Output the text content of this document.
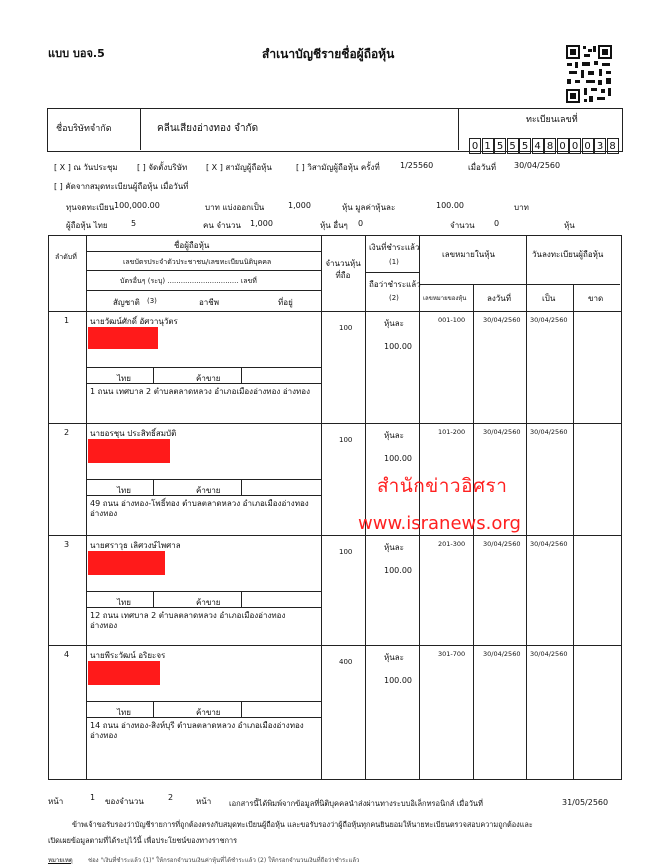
แบบ บอจ.5	สำเนาบัญชีรายชื่อผู้ถือหุ้น
ชื่อบริษัทจำกัด	คลีนเสียงอ่างทอง จำกัด
ทะเบียนเลขที่
0 1 5 5 5 4 8 0 0 0 3 8
[ X ] ณ วันประชุม [ ] จัดตั้งบริษัท [ X ] สามัญผู้ถือหุ้น	[ ] วิสามัญผู้ถือหุ้น ครั้งที่	1/25560	เมื่อวันที่ 30/04/2560
[ ] คัดจากสมุดทะเบียนผู้ถือหุ้น เมื่อวันที่
ทุนจดทะเบียน 100,000.00	บาท แบ่งออกเป็น	1,000	หุ้น มูลค่าหุ้นละ	100.00	บาท
ผู้ถือหุ้น ไทย	5	คน จำนวน 1,000	หุ้น อื่นๆ 0	จำนวน 0	หุ้น
ลำดับที่
ชื่อผู้ถือหุ้น
เลขบัตรประจำตัวประชาชน/เลขทะเบียนนิติบุคคล
บัตรอื่นๆ (ระบุ) ................................ เลขที่
สัญชาติ (3)	อาชีพ	ที่อยู่
จำนวนหุ้นที่ถือ
เงินที่ชำระแล้ว
(1)
ถือว่าชำระแล้ว
(2)
เลขหมายในหุ้น
เลขหมายของหุ้น	ลงวันที่
วันลงทะเบียนผู้ถือหุ้น
เป็น	ขาด
1	นายวัฒน์ศักดิ์ อัศวานุวัตร
ไทย	ค้าขาย
1 ถนน เทศบาล 2 ตำบลตลาดหลวง อำเภอเมืองอ่างทอง อ่างทอง
100	หุ้นละ
100.00
001-100	30/04/2560 30/04/2560
2	นายอรชุน ประสิทธิ์สมบัติ
ไทย	ค้าขาย
49 ถนน อ่างทอง-โพธิ์ทอง ตำบลตลาดหลวง อำเภอเมืองอ่างทอง อ่างทอง
100	หุ้นละ
100.00
101-200	30/04/2560 30/04/2560
3	นายศราวุธ เลิศวงษ์ไพศาล
ไทย	ค้าขาย
12 ถนน เทศบาล 2 ตำบลตลาดหลวง อำเภอเมืองอ่างทอง อ่างทอง
100	หุ้นละ
100.00
201-300	30/04/2560 30/04/2560
4	นายพีระวัฒน์ อริยะจร
ไทย	ค้าขาย
14 ถนน อ่างทอง-สิงห์บุรี ตำบลตลาดหลวง อำเภอเมืองอ่างทอง อ่างทอง
400	หุ้นละ
100.00
301-700	30/04/2560 30/04/2560
สำนักข่าวอิศรา
www.isranews.org
หน้า	1 ของจำนวน	2	หน้า เอกสารนี้ได้พิมพ์จากข้อมูลที่นิติบุคคลนำส่งผ่านทางระบบอิเล็กทรอนิกส์ เมื่อวันที่	31/05/2560
ข้าพเจ้าขอรับรองว่าบัญชีรายการที่ถูกต้องตรงกับสมุดทะเบียนผู้ถือหุ้น และขอรับรองว่าผู้ถือหุ้นทุกคนยินยอมให้นายทะเบียนตรวจสอบความถูกต้องและ
เปิดเผยข้อมูลตามที่ได้ระบุไว้นี้ เพื่อประโยชน์ของทางราชการ
หมายเหตุ	ช่อง "เงินที่ชำระแล้ว (1)" ให้กรอกจำนวนเงินค่าหุ้นที่ได้ชำระแล้ว (2) ให้กรอกจำนวนเงินที่ถือว่าชำระแล้ว
